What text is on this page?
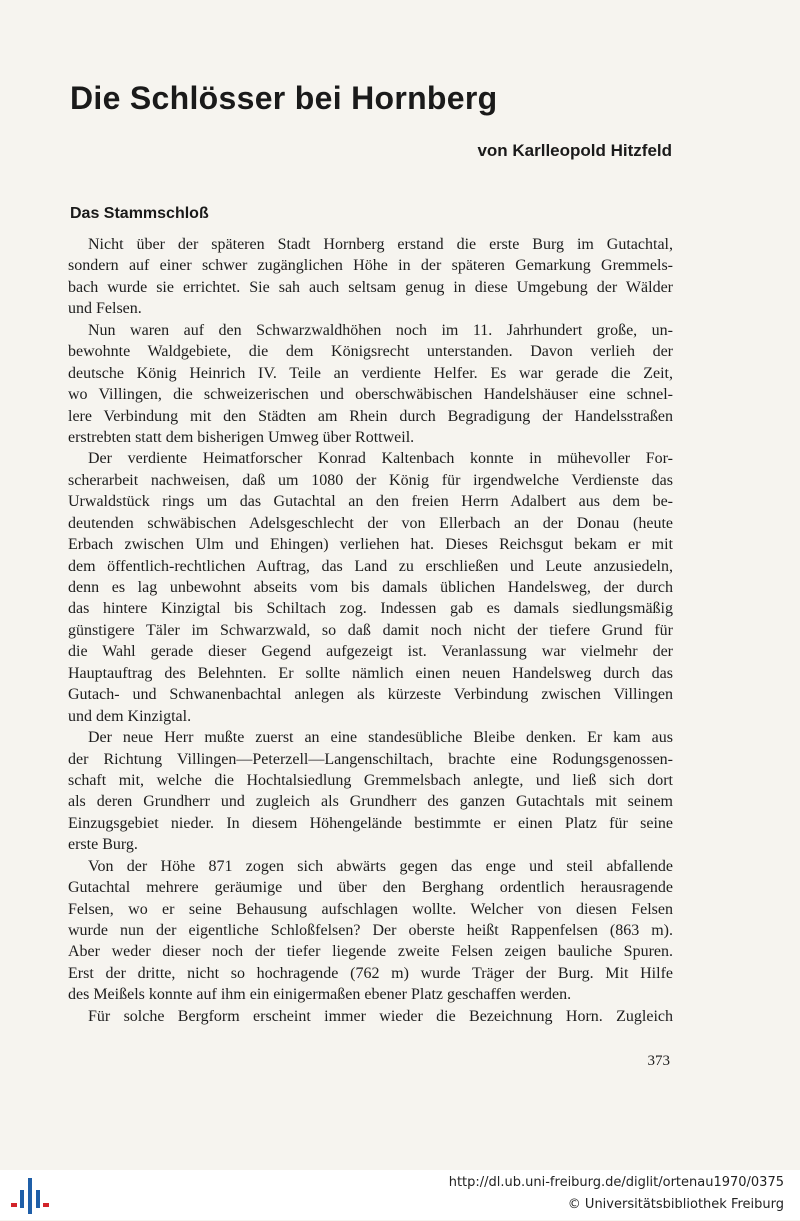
Die Schlösser bei Hornberg
von Karlleopold Hitzfeld
Das Stammschloß
Nicht über der späteren Stadt Hornberg erstand die erste Burg im Gutachtal,
sondern auf einer schwer zugänglichen Höhe in der späteren Gemarkung Gremmels-
bach wurde sie errichtet. Sie sah auch seltsam genug in diese Umgebung der Wälder
und Felsen.
Nun waren auf den Schwarzwaldhöhen noch im 11. Jahrhundert große, un-
bewohnte Waldgebiete, die dem Königsrecht unterstanden. Davon verlieh der
deutsche König Heinrich IV. Teile an verdiente Helfer. Es war gerade die Zeit,
wo Villingen, die schweizerischen und oberschwäbischen Handelshäuser eine schnel-
lere Verbindung mit den Städten am Rhein durch Begradigung der Handelsstraßen
erstrebten statt dem bisherigen Umweg über Rottweil.
Der verdiente Heimatforscher Konrad Kaltenbach konnte in mühevoller For-
scherarbeit nachweisen, daß um 1080 der König für irgendwelche Verdienste das
Urwaldstück rings um das Gutachtal an den freien Herrn Adalbert aus dem be-
deutenden schwäbischen Adelsgeschlecht der von Ellerbach an der Donau (heute
Erbach zwischen Ulm und Ehingen) verliehen hat. Dieses Reichsgut bekam er mit
dem öffentlich-rechtlichen Auftrag, das Land zu erschließen und Leute anzusiedeln,
denn es lag unbewohnt abseits vom bis damals üblichen Handelsweg, der durch
das hintere Kinzigtal bis Schiltach zog. Indessen gab es damals siedlungsmäßig
günstigere Täler im Schwarzwald, so daß damit noch nicht der tiefere Grund für
die Wahl gerade dieser Gegend aufgezeigt ist. Veranlassung war vielmehr der
Hauptauftrag des Belehnten. Er sollte nämlich einen neuen Handelsweg durch das
Gutach- und Schwanenbachtal anlegen als kürzeste Verbindung zwischen Villingen
und dem Kinzigtal.
Der neue Herr mußte zuerst an eine standesübliche Bleibe denken. Er kam aus
der Richtung Villingen—Peterzell—Langenschiltach, brachte eine Rodungsgenossen-
schaft mit, welche die Hochtalsiedlung Gremmelsbach anlegte, und ließ sich dort
als deren Grundherr und zugleich als Grundherr des ganzen Gutachtals mit seinem
Einzugsgebiet nieder. In diesem Höhengelände bestimmte er einen Platz für seine
erste Burg.
Von der Höhe 871 zogen sich abwärts gegen das enge und steil abfallende
Gutachtal mehrere geräumige und über den Berghang ordentlich herausragende
Felsen, wo er seine Behausung aufschlagen wollte. Welcher von diesen Felsen
wurde nun der eigentliche Schloßfelsen? Der oberste heißt Rappenfelsen (863 m).
Aber weder dieser noch der tiefer liegende zweite Felsen zeigen bauliche Spuren.
Erst der dritte, nicht so hochragende (762 m) wurde Träger der Burg. Mit Hilfe
des Meißels konnte auf ihm ein einigermaßen ebener Platz geschaffen werden.
Für solche Bergform erscheint immer wieder die Bezeichnung Horn. Zugleich
373
http://dl.ub.uni-freiburg.de/diglit/ortenau1970/0375
© Universitätsbibliothek Freiburg
